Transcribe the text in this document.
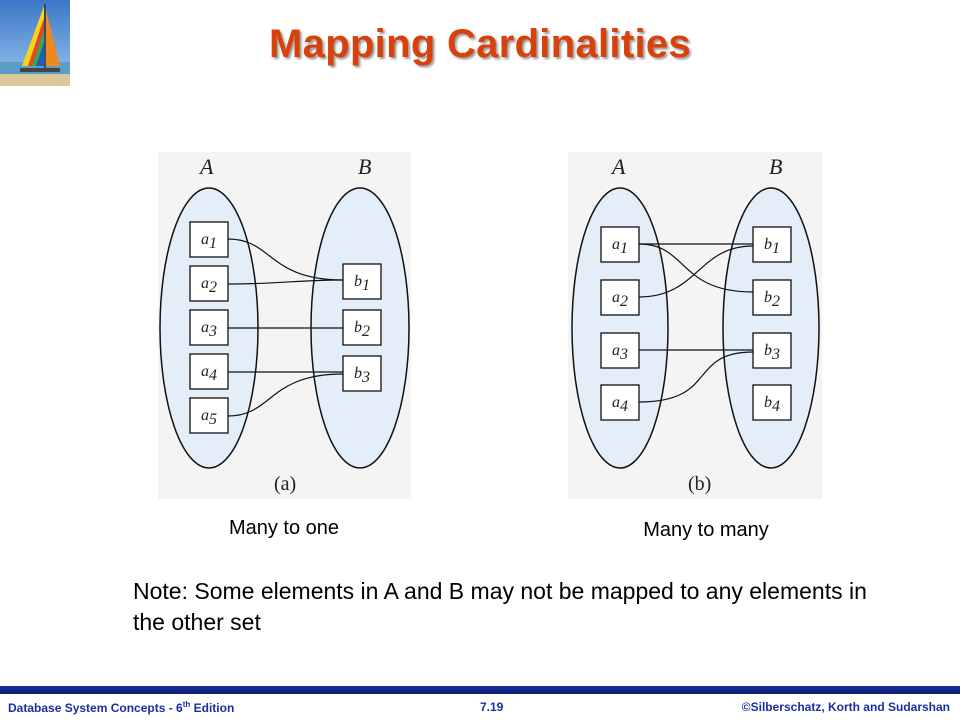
Mapping Cardinalities
A	B
a1
a2
a3
a4
a5
b1
b2
b3
(a)
A	B
a1
a2
a3
a4
b1
b2
b3
b4
(b)
Many to one	Many to many
Note: Some elements in A and B may not be mapped to any elements in the other set
Database System Concepts - 6th Edition	7.19	©Silberschatz, Korth and Sudarshan
